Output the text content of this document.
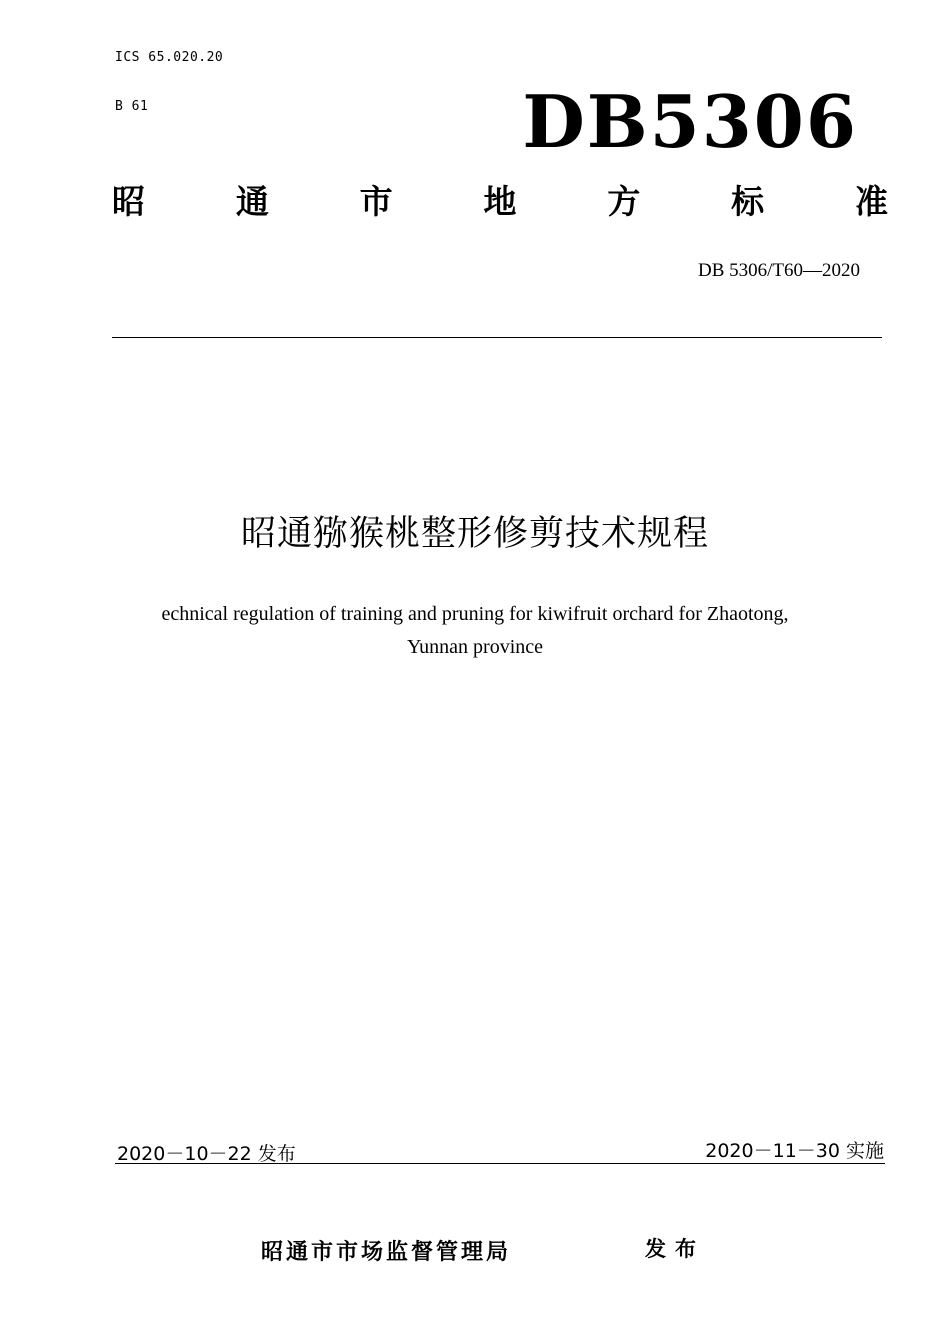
ICS 65.020.20
B 61	DB5306
昭	通	市	地	方	标	准
DB 5306/T60—2020
昭通猕猴桃整形修剪技术规程
echnical regulation of training and pruning for kiwifruit orchard for Zhaotong,
Yunnan province
2020－10－22 发布	2020－11－30 实施
昭通市市场监督管理局	发布
